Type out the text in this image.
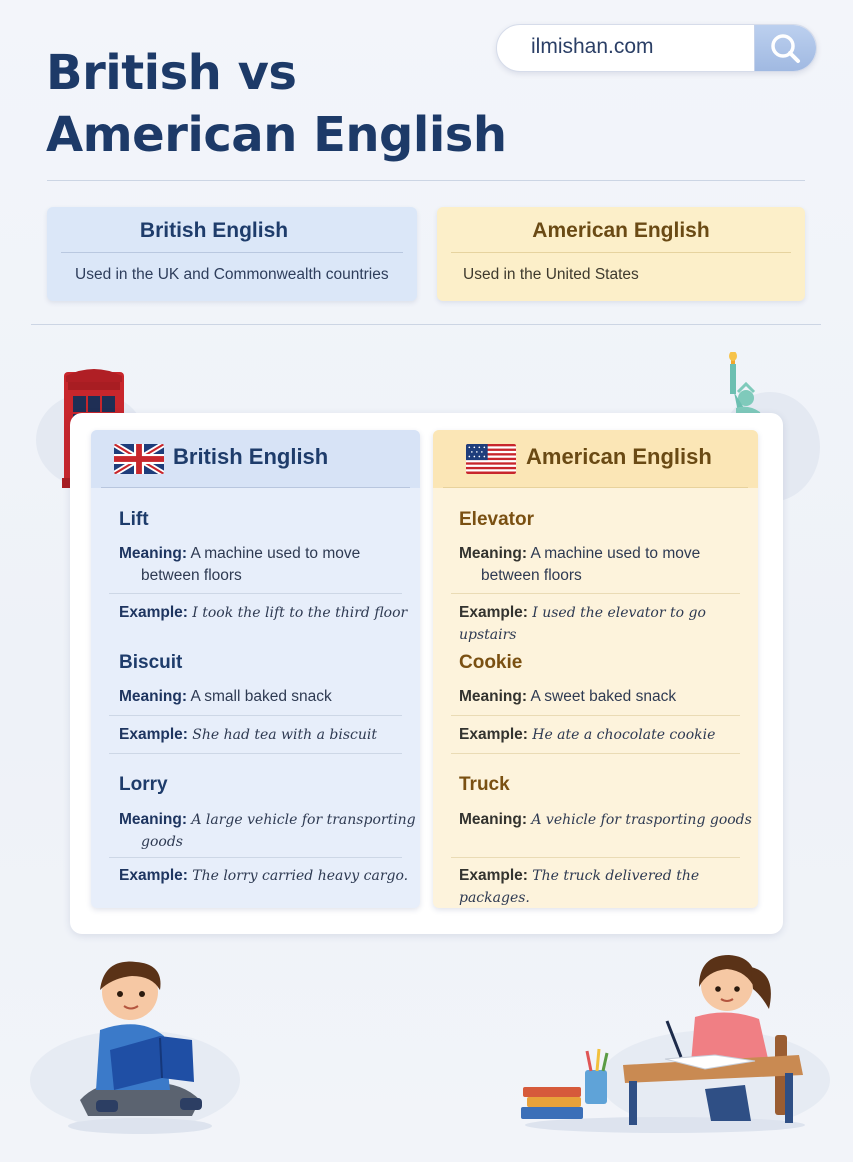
British vs
American English
ilmishan.com
British English
Used in the UK and Commonwealth countries
American English
Used in the United States
British English
Lift
Meaning: A machine used to move
between floors
Example: I took the lift to the third floor
Biscuit
Meaning: A small baked snack
Example: She had tea with a biscuit
Lorry
Meaning: A large vehicle for transporting
goods
Example: The lorry carried heavy cargo.
American English
Elevator
Meaning: A machine used to move
between floors
Example: I used the elevator to go upstairs
Cookie
Meaning: A sweet baked snack
Example: He ate a chocolate cookie
Truck
Meaning: A vehicle for trasporting goods
Example: The truck delivered the packages.
